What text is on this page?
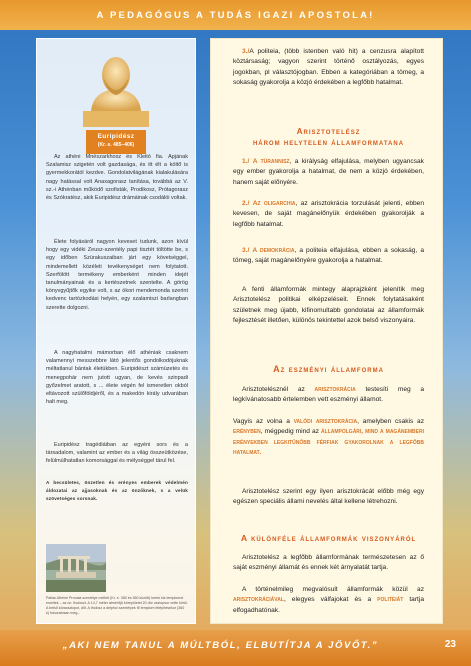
A PEDAGÓGUS A TUDÁS IGAZI APOSTOLA!
Euripidész
(Kr. e. 485–406)
Az athéni Mnészarkhosz és Kleitó fia. Apjának Szalamisz szigetén volt gazdasága, és itt élt a költő is gyermekkorától kezdve. Gondolatvilágának kialakulására nagy hatással volt Anaxagorasz tanítása, továbbá az V. sz.-i Athénban működő szofisták, Prodikosz, Prótagorasz és Szókratész, akik Euripidész drámáinak csodálói voltak.
Élete folyásáról nagyon keveset tudunk, azon kívül hogy egy vidéki Zeusz-szentély papi tisztét töltötte be, s egy időben Szürakuszaiban járt egy követséggel, mindemellett közéleti tevékenységet nem folytatott. Szerfölött termékeny emberként minden idejét tanulmányainak és a kertészetnek szentelte. A görög könyvgyűjtők egyike volt, s az ókori mendemonda szerint kedvenc tartózkodási helyén, egy szalamiszi barlangban szerette dolgozni.
A nagyhatalmi mámorban élő athéniak csaknem valamennyi messzebbre látó jelentős gondolkodójuknak méltatlanul bántak életükben. Euripidészt számüzetés és menegpohár nem jutott ugyan, de kevés szinpadi győzelmet aratott, s ... élete végén fel ismeretlen okból eltávozott szülőföldjéről, és a makedón király udvarában halt meg.
Euripidész tragédiáiban az egyéni sors és a társadalom, valamint az ember és a világ összeütközése, felülmúlhatatlan komorsággal és mélységgel tárul fel.
A becsületes, önzetlen és erényes emberek védelmén áldozatai az ajjasoknak és az önzőknek, s a velük szövetséges sorsnak.
Pallas Athéné Pronaia szentélye mellett (Kr. e. 380 és 360 között) kerek kis templomot emeltek – az ún. tholoszt. A 14,7 méter átmérőjű körépületet 20 dór oszlopsor vette körül. A belső köraoszlopot, állt. A tholosz a delphoi szentélyek fő templom felépítésekor (360 k) fokozatosan meg...
3./A politeia, (több istenben való hit) a cenzusra alapított köztársaság; vagyon szerint történő osztályozás, egyes jogokban, pl választójogban. Ebben a kategóriában a tömeg, a sokaság gyakorolja a közjó érdekében a legfőbb hatalmat.
Arisztotelész
három helytelen államformatana
1./ A türannisz, a királyság elfajulása, melyben ugyancsak egy ember gyakorolja a hatalmat, de nem a közjó érdekében, hanem saját előnyére.
2./ Az oligarchia, az arisztokrácia torzulását jelenti, ebben kevesen, de saját magánelőnyük érdekében gyakorolják a legfőbb hatalmat.
3./ A demokrácia, a politeia elfajulása, ebben a sokaság, a tömeg, saját magánelőnyére gyakorolja a hatalmat.
A fenti államformák mintegy alaprajzként jelenítik meg Arisztotelész politikai elképzeléseit. Ennek folytatásaként születnek meg újabb, kifinomultabb gondolatai az államformák fejlesztését illetően, különös tekintettel azok belső viszonyaira.
Az eszményi államforma
Arisztotelésznél az arisztokrácia testesíti meg a legkívánatosabb értelemben vett eszményi államot.
Vagyis az volna a valódi arisztokrácia, amelyben csakis az erényben, mégpedig mind az állampolgári, mind a magánemberi erényekben legkitűnőbb férfiak gyakorolnak a legfőbb hatalmat.
Arisztotelész szerint egy ilyen arisztokrácát előbb még egy egészen speciális állami nevelés által kellene létrehozni.
A különféle államformák viszonyáról
Arisztotelész a legfőbb államformának természetesen az ő saját eszményi államát és ennek két árnyalatát tartja.
A történelmileg megvalósult államformák közül az arisztokráciával, elegyes válfajokat és a politeiát tartja elfogadhatónak.
„AKI NEM TANUL A MÚLTBÓL, ELBUTÍTJA A JÖVŐT.”	23
